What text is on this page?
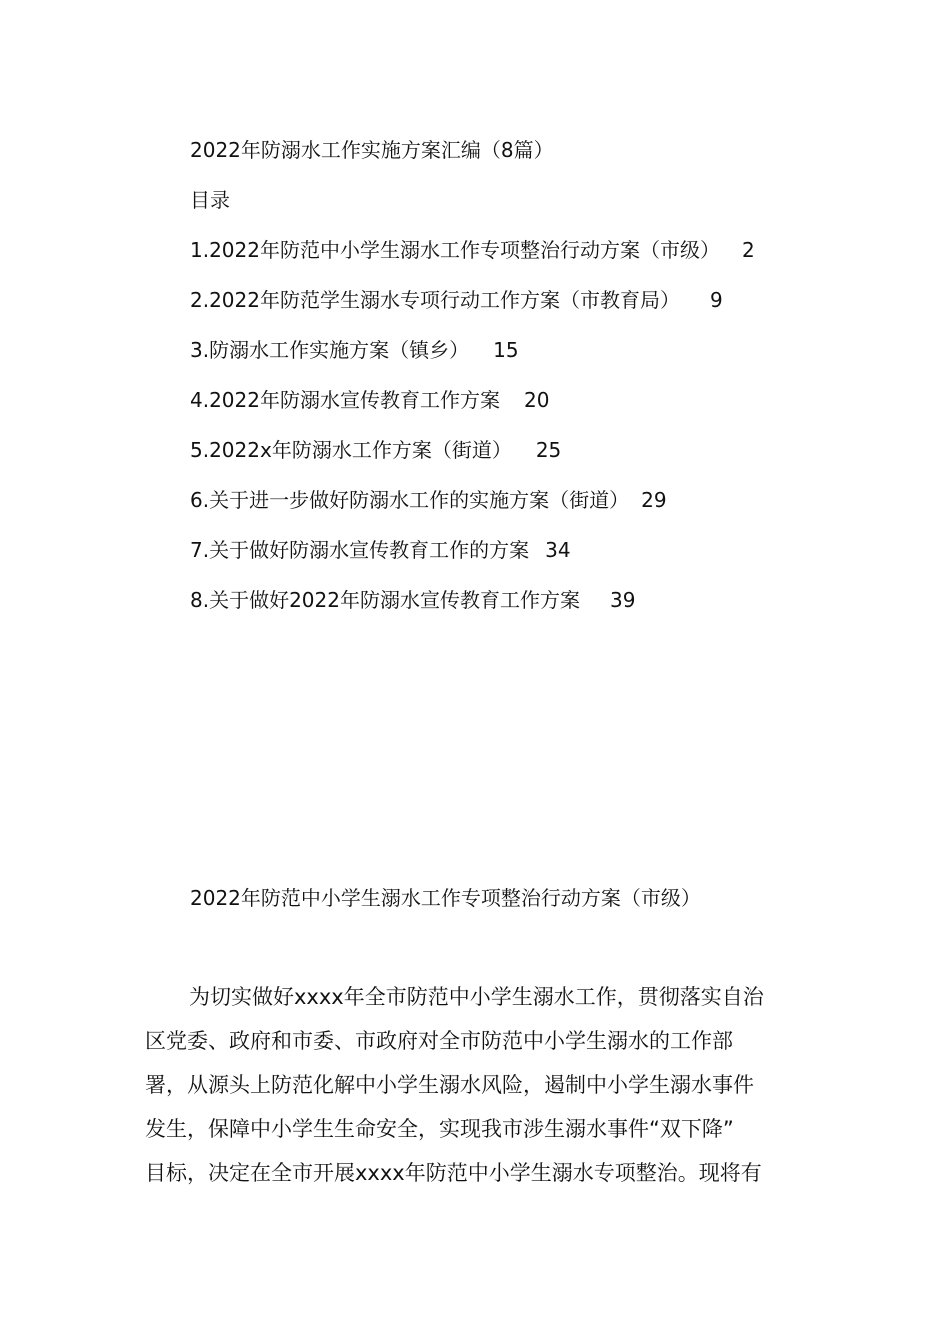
2022年防溺水工作实施方案汇编（8篇）
目录
1.2022年防范中小学生溺水工作专项整治行动方案（市级） 2
2.2022年防范学生溺水专项行动工作方案（市教育局） 9
3.防溺水工作实施方案（镇乡） 15
4.2022年防溺水宣传教育工作方案 20
5.2022x年防溺水工作方案（街道） 25
6.关于进一步做好防溺水工作的实施方案（街道） 29
7.关于做好防溺水宣传教育工作的方案 34
8.关于做好2022年防溺水宣传教育工作方案 39
2022年防范中小学生溺水工作专项整治行动方案（市级）
为切实做好xxxx年全市防范中小学生溺水工作，贯彻落实自治
区党委、政府和市委、市政府对全市防范中小学生溺水的工作部
署，从源头上防范化解中小学生溺水风险，遏制中小学生溺水事件
发生，保障中小学生生命安全，实现我市涉生溺水事件“双下降”
目标，决定在全市开展xxxx年防范中小学生溺水专项整治。现将有
